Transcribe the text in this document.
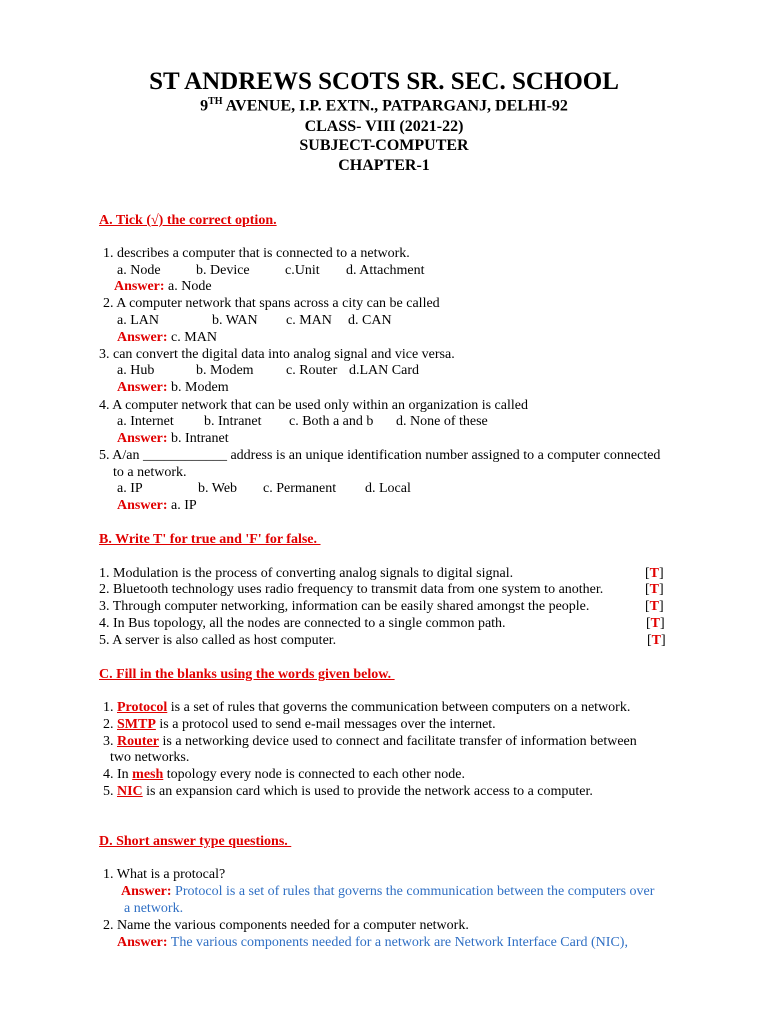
ST ANDREWS SCOTS SR. SEC. SCHOOL
9TH AVENUE, I.P. EXTN., PATPARGANJ, DELHI-92
CLASS- VIII (2021-22)
SUBJECT-COMPUTER
CHAPTER-1
A. Tick (√) the correct option.
1. describes a computer that is connected to a network.
a. Node	b. Device	c.Unit d. Attachment
Answer: a. Node
2. A computer network that spans across a city can be called
a. LAN	b. WAN c. MAN d. CAN
Answer: c. MAN
3. can convert the digital data into analog signal and vice versa.
a. Hub	b. Modem c. Router d.LAN Card
Answer: b. Modem
4. A computer network that can be used only within an organization is called
a. Internet b. Intranet c. Both a and b d. None of these
Answer: b. Intranet
5. A/an ____________ address is an unique identification number assigned to a computer connected
to a network.
a. IP	b. Web c. Permanent d. Local
Answer: a. IP
B. Write T' for true and 'F' for false.
1. Modulation is the process of converting analog signals to digital signal.	[T]
2. Bluetooth technology uses radio frequency to transmit data from one system to another.	[T]
3. Through computer networking, information can be easily shared amongst the people.	[T]
4. In Bus topology, all the nodes are connected to a single common path.	[T]
5. A server is also called as host computer.	[T]
C. Fill in the blanks using the words given below.
1. Protocol is a set of rules that governs the communication between computers on a network.
2. SMTP is a protocol used to send e-mail messages over the internet.
3. Router is a networking device used to connect and facilitate transfer of information between
two networks.
4. In mesh topology every node is connected to each other node.
5. NIC is an expansion card which is used to provide the network access to a computer.
D. Short answer type questions.
1. What is a protocal?
Answer: Protocol is a set of rules that governs the communication between the computers over
a network.
2. Name the various components needed for a computer network.
Answer: The various components needed for a network are Network Interface Card (NIC),
